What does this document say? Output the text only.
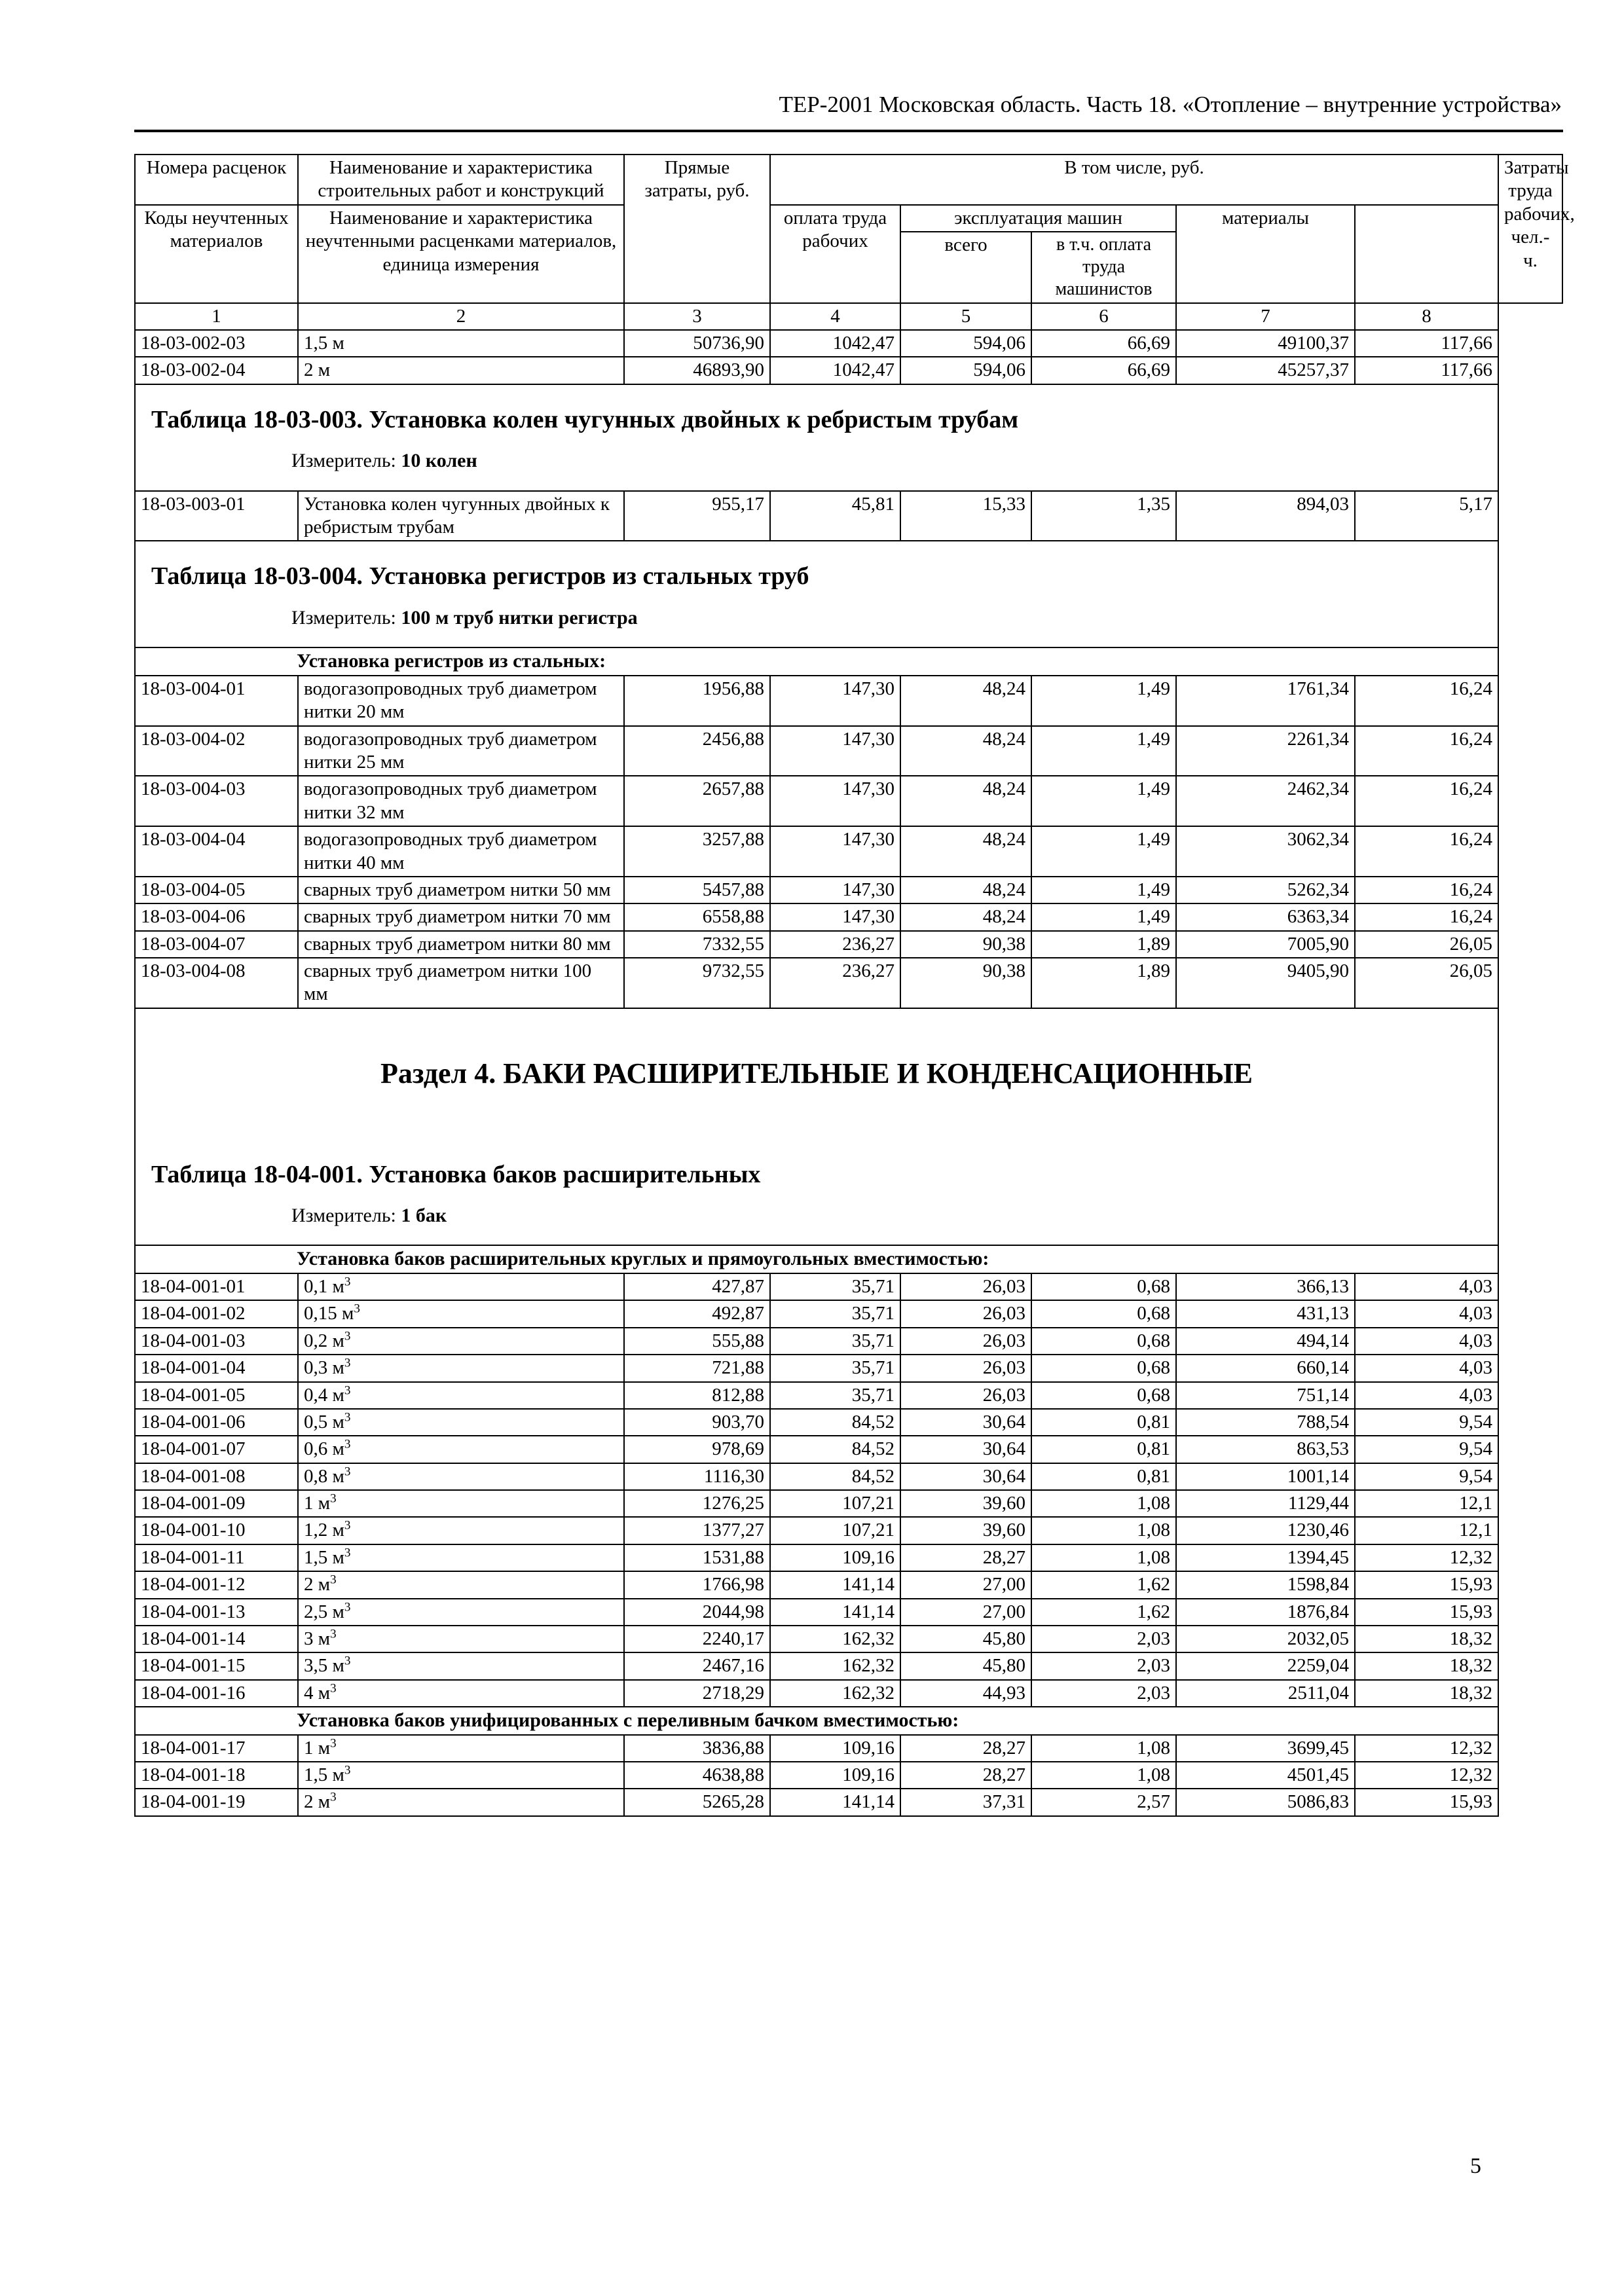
ТЕР-2001 Московская область. Часть 18. «Отопление – внутренние устройства»
Номера расценок	Наименование и характеристика строительных работ и конструкций	Прямые затраты, руб.	В том числе, руб.					Затраты труда рабочих, чел.-ч.
Коды неучтенных материалов	Наименование и характеристика неучтенными расценками материалов, единица измерения		оплата труда рабочих	эксплуатация машин		материалы		
				всего	в т.ч. оплата труда машинистов			
1	2	3	4	5	6	7	8	
18-03-002-03	1,5 м	50736,90	1042,47	594,06	66,69	49100,37	117,66	
18-03-002-04	2 м	46893,90	1042,47	594,06	66,69	45257,37	117,66	

Таблица 18-03-003. Установка колен чугунных двойных к ребристым трубам
Измеритель: 10 колен								

18-03-003-01	Установка колен чугунных двойных к ребристым трубам	955,17	45,81	15,33	1,35	894,03	5,17	

Таблица 18-03-004. Установка регистров из стальных труб
Измеритель: 100 м труб нитки регистра								

Установка регистров из стальных:								
18-03-004-01	водогазопроводных труб диаметром нитки 20 мм	1956,88	147,30	48,24	1,49	1761,34	16,24	
18-03-004-02	водогазопроводных труб диаметром нитки 25 мм	2456,88	147,30	48,24	1,49	2261,34	16,24	
18-03-004-03	водогазопроводных труб диаметром нитки 32 мм	2657,88	147,30	48,24	1,49	2462,34	16,24	
18-03-004-04	водогазопроводных труб диаметром нитки 40 мм	3257,88	147,30	48,24	1,49	3062,34	16,24	
18-03-004-05	сварных труб диаметром нитки 50 мм	5457,88	147,30	48,24	1,49	5262,34	16,24	
18-03-004-06	сварных труб диаметром нитки 70 мм	6558,88	147,30	48,24	1,49	6363,34	16,24	
18-03-004-07	сварных труб диаметром нитки 80 мм	7332,55	236,27	90,38	1,89	7005,90	26,05	
18-03-004-08	сварных труб диаметром нитки 100 мм	9732,55	236,27	90,38	1,89	9405,90	26,05	

Раздел 4. БАКИ РАСШИРИТЕЛЬНЫЕ И КОНДЕНСАЦИОННЫЕ
Таблица 18-04-001. Установка баков расширительных
Измеритель: 1 бак								

Установка баков расширительных круглых и прямоугольных вместимостью:								
18-04-001-01	0,1 $м^3$	427,87	35,71	26,03	0,68	366,13	4,03	
18-04-001-02	0,15 $м^3$	492,87	35,71	26,03	0,68	431,13	4,03	
18-04-001-03	0,2 $м^3$	555,88	35,71	26,03	0,68	494,14	4,03	
18-04-001-04	0,3 $м^3$	721,88	35,71	26,03	0,68	660,14	4,03	
18-04-001-05	0,4 $м^3$	812,88	35,71	26,03	0,68	751,14	4,03	
18-04-001-06	0,5 $м^3$	903,70	84,52	30,64	0,81	788,54	9,54	
18-04-001-07	0,6 $м^3$	978,69	84,52	30,64	0,81	863,53	9,54	
18-04-001-08	0,8 $м^3$	1116,30	84,52	30,64	0,81	1001,14	9,54	
18-04-001-09	1 $м^3$	1276,25	107,21	39,60	1,08	1129,44	12,1	
18-04-001-10	1,2 $м^3$	1377,27	107,21	39,60	1,08	1230,46	12,1	
18-04-001-11	1,5 $м^3$	1531,88	109,16	28,27	1,08	1394,45	12,32	
18-04-001-12	2 $м^3$	1766,98	141,14	27,00	1,62	1598,84	15,93	
18-04-001-13	2,5 $м^3$	2044,98	141,14	27,00	1,62	1876,84	15,93	
18-04-001-14	3 $м^3$	2240,17	162,32	45,80	2,03	2032,05	18,32	
18-04-001-15	3,5 $м^3$	2467,16	162,32	45,80	2,03	2259,04	18,32	
18-04-001-16	4 $м^3$	2718,29	162,32	44,93	2,03	2511,04	18,32	
Установка баков унифицированных с переливным бачком вместимостью:								
18-04-001-17	1 $м^3$	3836,88	109,16	28,27	1,08	3699,45	12,32	
18-04-001-18	1,5 $м^3$	4638,88	109,16	28,27	1,08	4501,45	12,32	
18-04-001-19	2 $м^3$	5265,28	141,14	37,31	2,57	5086,83	15,93	
5
